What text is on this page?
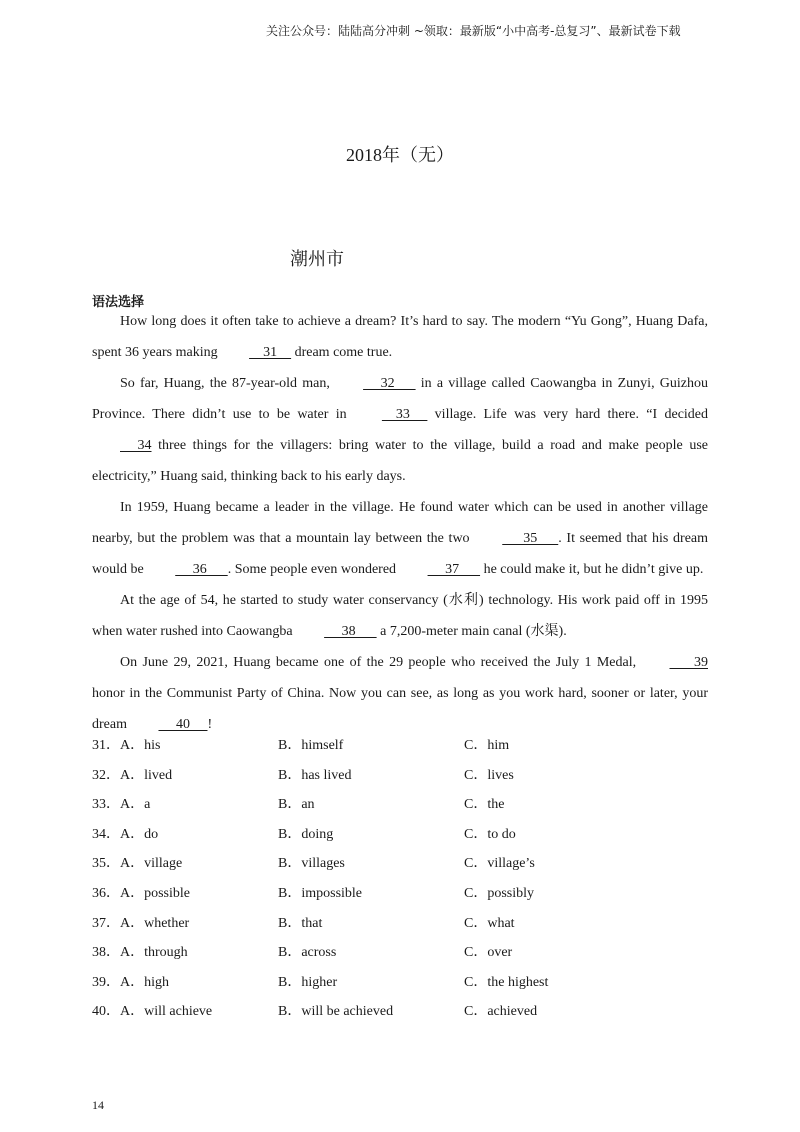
关注公众号：陆陆高分冲刺 ~领取：最新版“小中高考-总复习”、最新试卷下载
2018年（无）
潮州市
语法选择

How long does it often take to achieve a dream? It’s hard to say. The modern “Yu Gong”, Huang Dafa, spent 36 years making     31     dream come true.

So far, Huang, the 87-year-old man,      32       in a village called Caowangba in Zunyi, Guizhou Province. There didn’t use to be water in     33      village. Life was very hard there. “I decided      34 three things for the villagers: bring water to the village, build a road and make people use electricity,” Huang said, thinking back to his early days.

In 1959, Huang became a leader in the village. He found water which can be used in another village nearby, but the problem was that a mountain lay between the two       35      . It seemed that his dream would be      36      . Some people even wondered      37       he could make it, but he didn’t give up.

At the age of 54, he started to study water conservancy (水利) technology. His work paid off in 1995 when water rushed into Caowangba      38       a 7,200-meter main canal (水渠).

On June 29, 2021, Huang became one of the 29 people who received the July 1 Medal,        39 honor in the Communist Party of China. Now you can see, as long as you work hard, sooner or later, your dream      40     !

31． A．his	B．himself	C．him
32． A．lived	B．has lived	C．lives
33． A．a	B．an	C．the
34． A．do	B．doing	C．to do
35． A．village	B．villages	C．village’s
36． A．possible	B．impossible	C．possibly
37． A．whether	B．that	C．what
38． A．through	B．across	C．over
39． A．high	B．higher	C．the highest
40． A．will achieve	B．will be achieved	C．achieved
14
